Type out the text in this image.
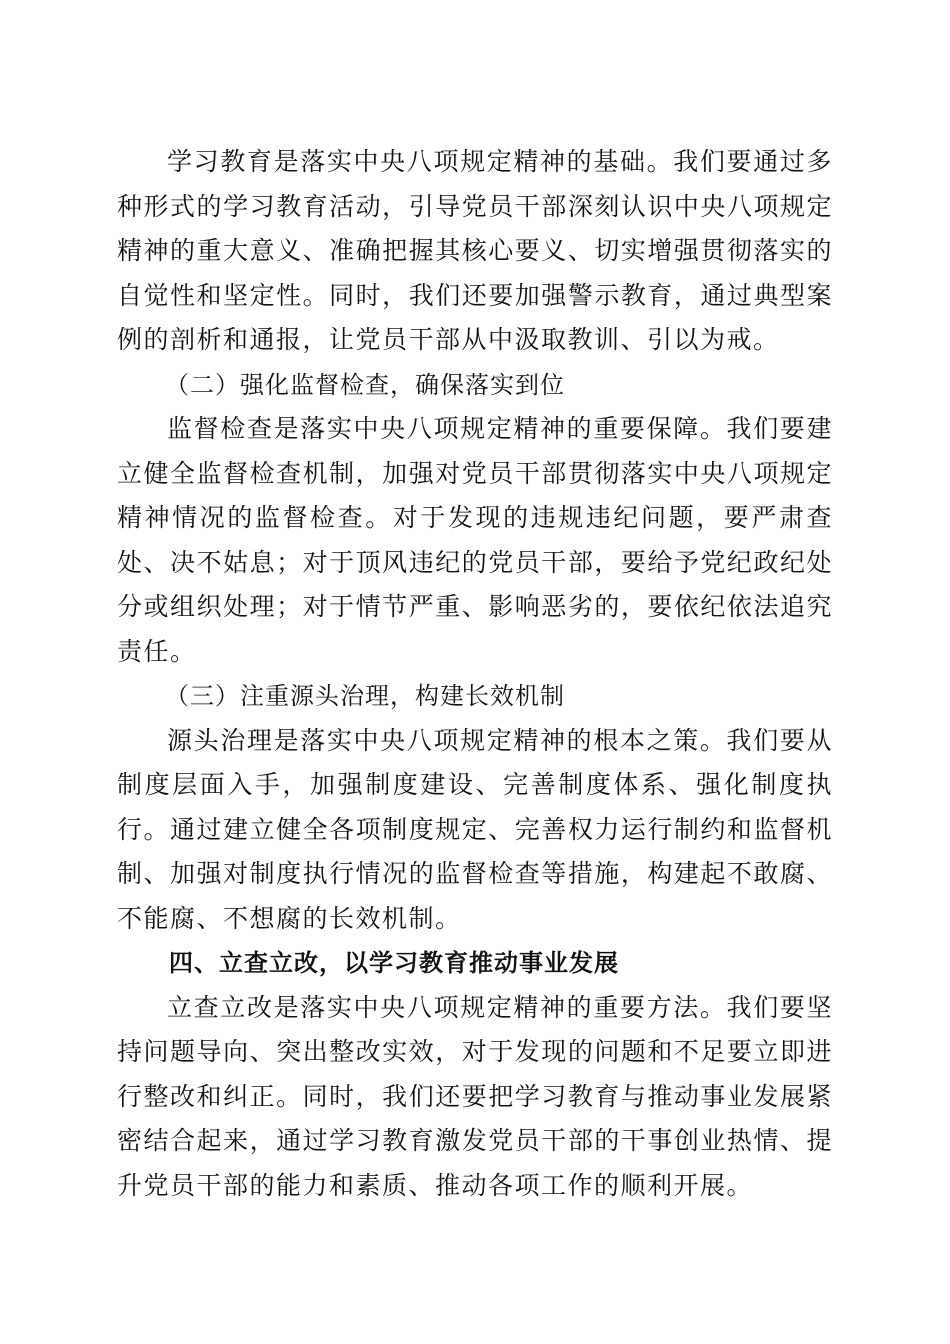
学习教育是落实中央八项规定精神的基础。我们要通过多种形式的学习教育活动，引导党员干部深刻认识中央八项规定精神的重大意义、准确把握其核心要义、切实增强贯彻落实的自觉性和坚定性。同时，我们还要加强警示教育，通过典型案例的剖析和通报，让党员干部从中汲取教训、引以为戒。

（二）强化监督检查，确保落实到位

监督检查是落实中央八项规定精神的重要保障。我们要建立健全监督检查机制，加强对党员干部贯彻落实中央八项规定精神情况的监督检查。对于发现的违规违纪问题，要严肃查处、决不姑息；对于顶风违纪的党员干部，要给予党纪政纪处分或组织处理；对于情节严重、影响恶劣的，要依纪依法追究责任。

（三）注重源头治理，构建长效机制

源头治理是落实中央八项规定精神的根本之策。我们要从制度层面入手，加强制度建设、完善制度体系、强化制度执行。通过建立健全各项制度规定、完善权力运行制约和监督机制、加强对制度执行情况的监督检查等措施，构建起不敢腐、不能腐、不想腐的长效机制。

四、立查立改，以学习教育推动事业发展

立查立改是落实中央八项规定精神的重要方法。我们要坚持问题导向、突出整改实效，对于发现的问题和不足要立即进行整改和纠正。同时，我们还要把学习教育与推动事业发展紧密结合起来，通过学习教育激发党员干部的干事创业热情、提升党员干部的能力和素质、推动各项工作的顺利开展。
